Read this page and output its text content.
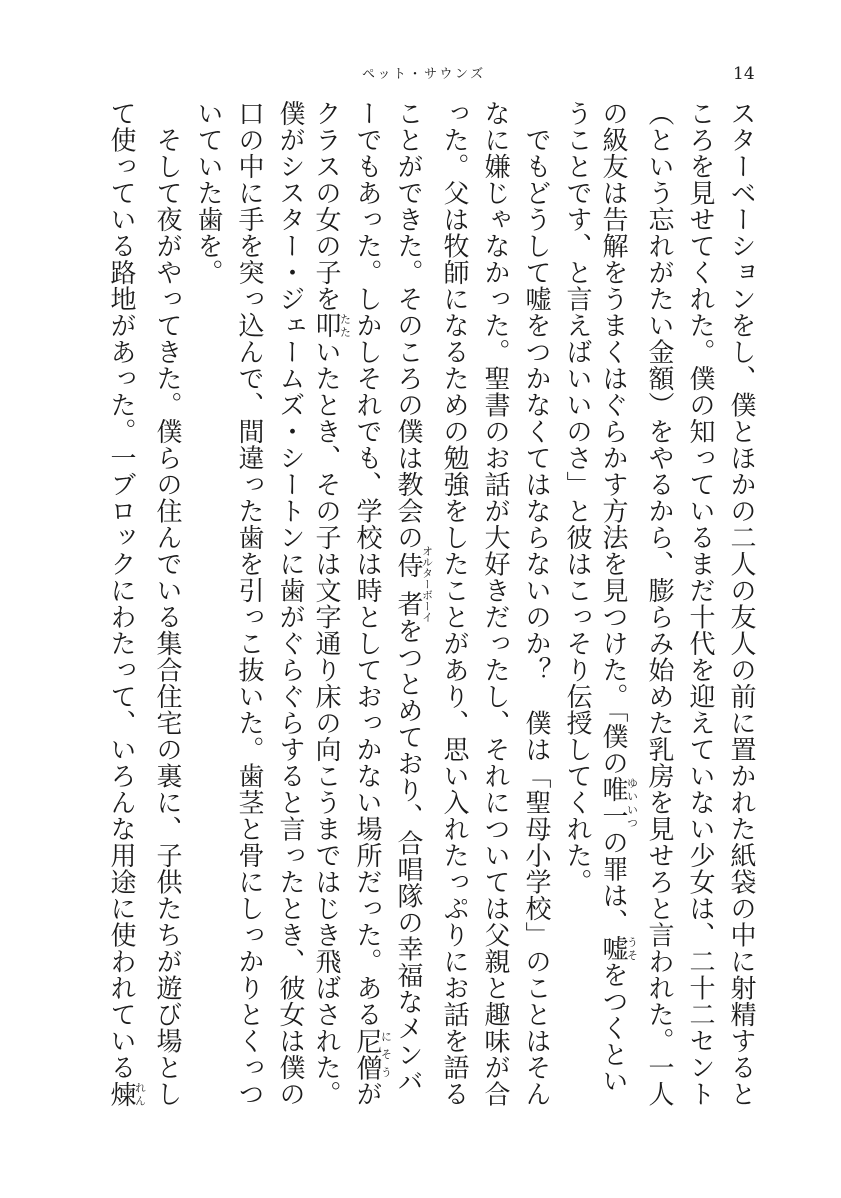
ペット・サウンズ	14
スターベーションをし、僕とほかの二人の友人の前に置かれた紙袋の中に射精すると
ころを見せてくれた。僕の知っているまだ十代を迎えていない少女は、二十二セント
（という忘れがたい金額）をやるから、膨らみ始めた乳房を見せろと言われた。一人
の級友は告解をうまくはぐらかす方法を見つけた。「僕の唯一ゆいいつの罪は、嘘うそをつくとい
うことです、と言えばいいのさ」と彼はこっそり伝授してくれた。
　でもどうして嘘をつかなくてはならないのか？　僕は「聖母小学校」のことはそん
なに嫌じゃなかった。聖書のお話が大好きだったし、それについては父親と趣味が合
った。父は牧師になるための勉強をしたことがあり、思い入れたっぷりにお話を語る
ことができた。そのころの僕は教会の侍者オルターボーイをつとめており、合唱隊の幸福なメンバ
ーでもあった。しかしそれでも、学校は時としておっかない場所だった。ある尼僧にそうが
クラスの女の子を叩たたいたとき、その子は文字通り床の向こうまではじき飛ばされた。
僕がシスター・ジェームズ・シートンに歯がぐらぐらすると言ったとき、彼女は僕の
口の中に手を突っ込んで、間違った歯を引っこ抜いた。歯茎と骨にしっかりとくっつ
いていた歯を。
　そして夜がやってきた。僕らの住んでいる集合住宅の裏に、子供たちが遊び場とし
て使っている路地があった。一ブロックにわたって、いろんな用途に使われている煉れん
